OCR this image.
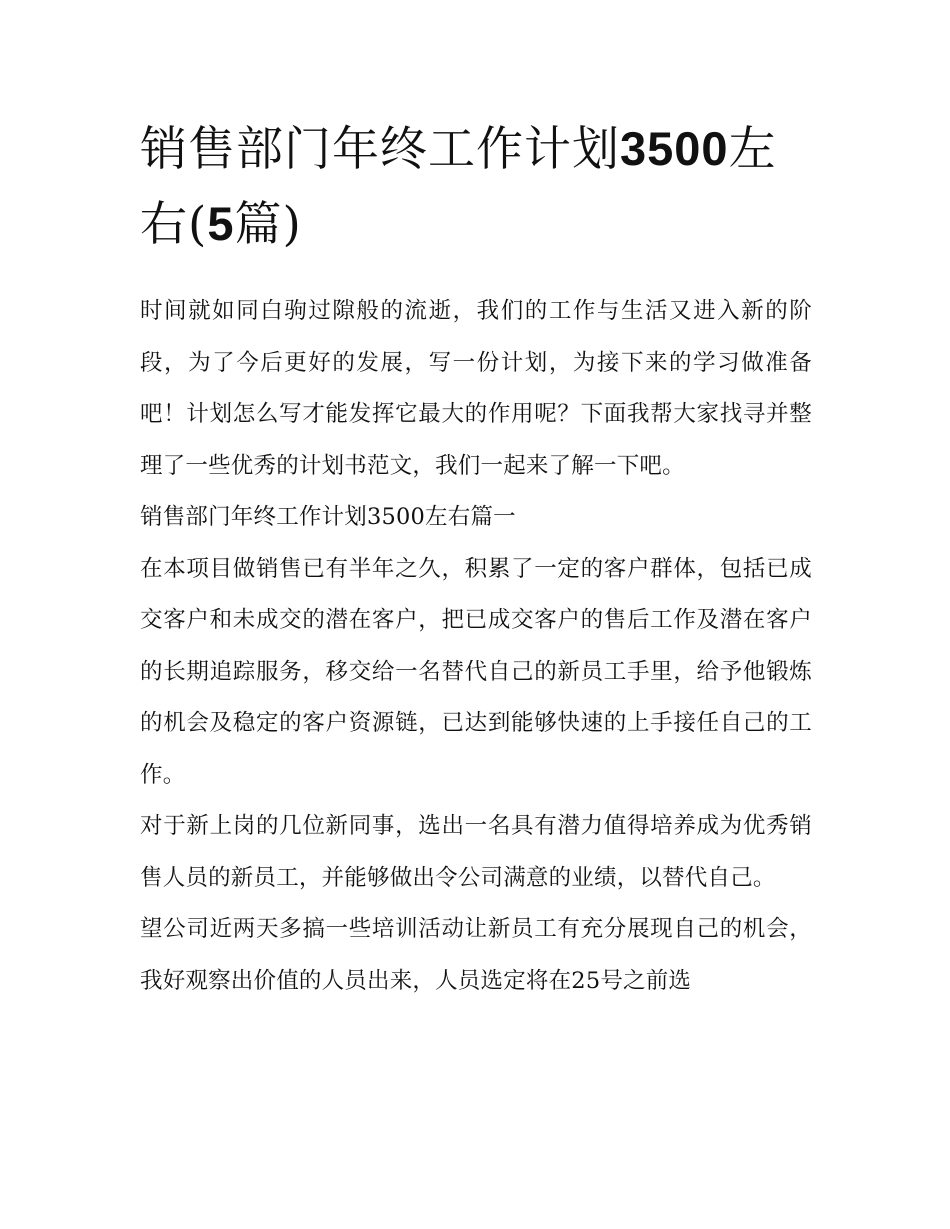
销售部门年终工作计划3500左右(5篇)

时间就如同白驹过隙般的流逝，我们的工作与生活又进入新的阶段，为了今后更好的发展，写一份计划，为接下来的学习做准备吧！计划怎么写才能发挥它最大的作用呢？下面我帮大家找寻并整理了一些优秀的计划书范文，我们一起来了解一下吧。

销售部门年终工作计划3500左右篇一

在本项目做销售已有半年之久，积累了一定的客户群体，包括已成交客户和未成交的潜在客户，把已成交客户的售后工作及潜在客户的长期追踪服务，移交给一名替代自己的新员工手里，给予他锻炼的机会及稳定的客户资源链，已达到能够快速的上手接任自己的工作。

对于新上岗的几位新同事，选出一名具有潜力值得培养成为优秀销售人员的新员工，并能够做出令公司满意的业绩，以替代自己。

望公司近两天多搞一些培训活动让新员工有充分展现自己的机会，我好观察出价值的人员出来，人员选定将在25号之前选
